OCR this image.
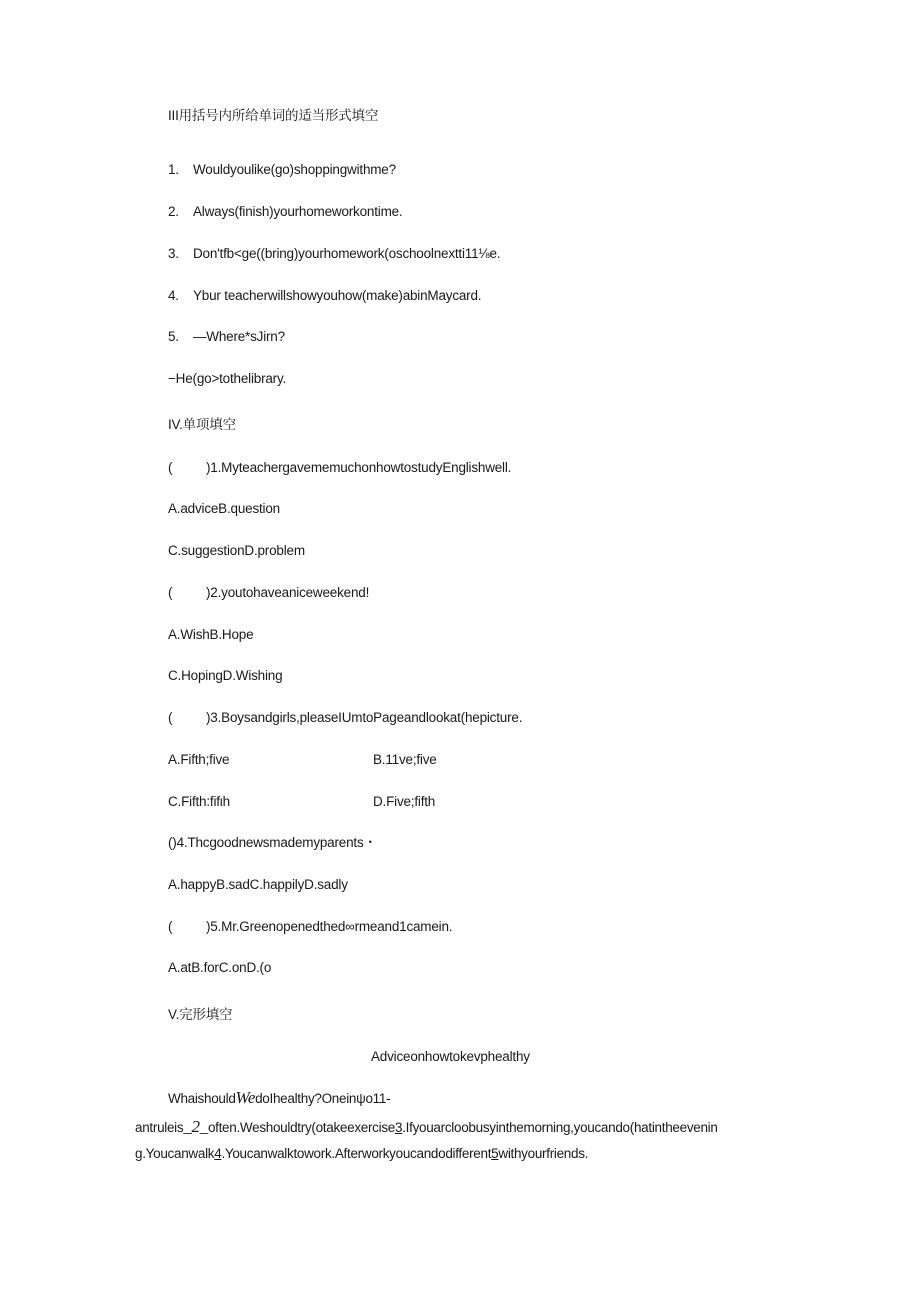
III用括号内所给单词的适当形式填空
1. Wouldyoulike(go)shoppingwithme?
2. Always(finish)yourhomeworkontime.
3. Don'tfb<ge((bring)yourhomework(oschoolnextti11⅛e.
4. Ybur teacherwillshowyouhow(make)abinMaycard.
5. —Where*sJirn?
−He(go>tothelibrary.
IV.单项填空
( )1.MyteachergavememuchonhowtostudyEnglishwell.
A.adviceB.question
C.suggestionD.problem
( )2.youtohaveaniceweekend!
A.WishB.Hope
C.HopingD.Wishing
( )3.Boysandgirls,pleaseIUmtoPageandlookat(hepicture.
A.Fifth;five	B.11ve;five
C.Fifth:fifιh	D.Five;fifth
()4.Thcgoodnewsmademyparents・
A.happyB.sadC.happilyD.sadly
( )5.Mr.Greenopenedthed∞rmeand1camein.
A.atB.forC.onD.(o
V.完形填空
Adviceonhowtokevphealthy
WhaishouldWedoIhealthy?Oneinψo11-
antruleis_2_often.Weshouldtry(otakeexercise3.Ifyouarcloobusyinthemorning,youcando(hatintheevenin
g.Youcanwalk4.Youcanwalktowork.Afterworkyoucandodifferent5withyourfriends.
